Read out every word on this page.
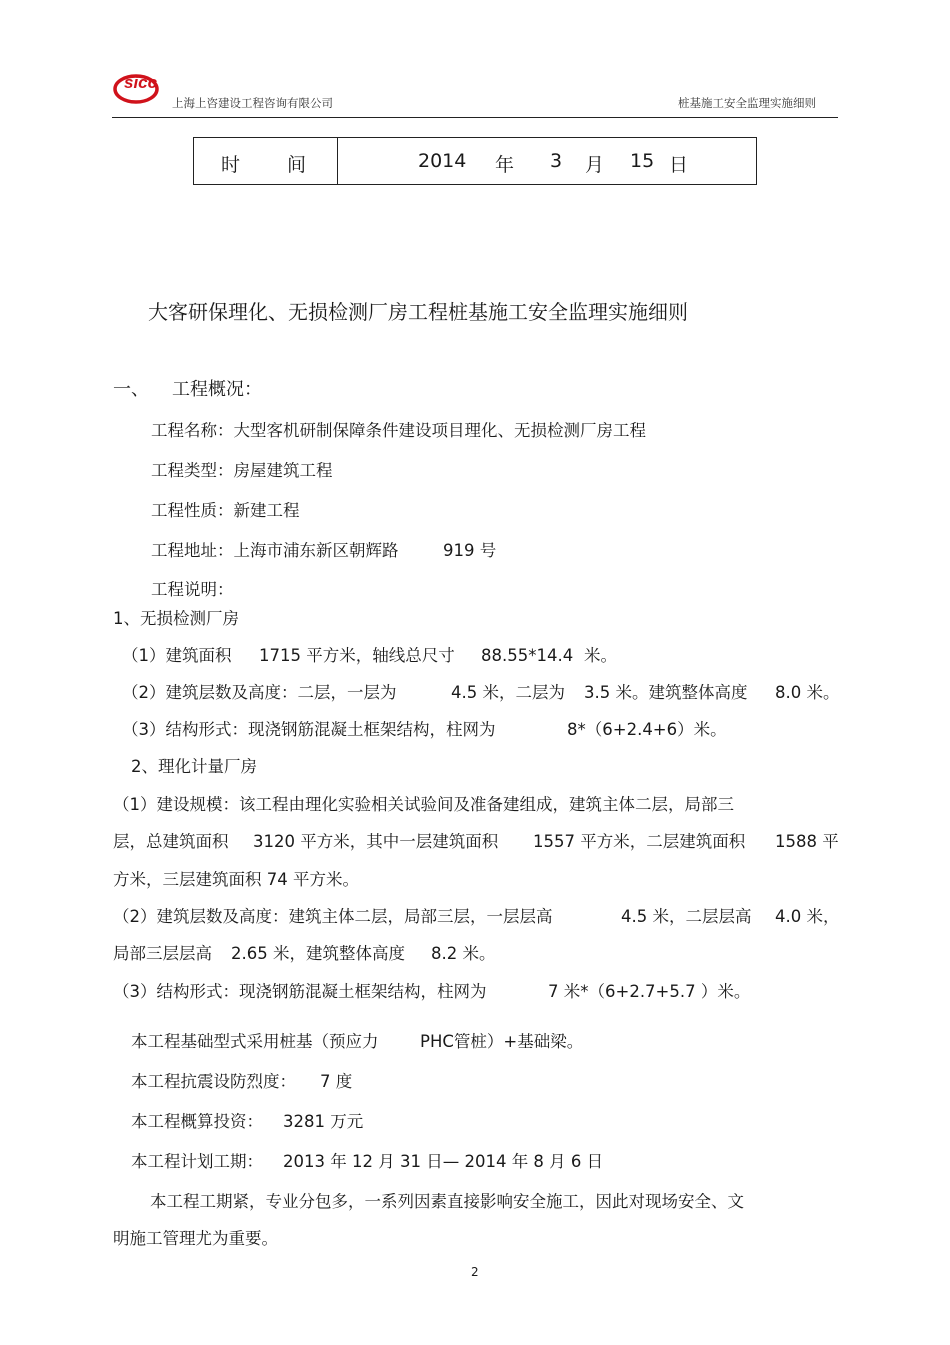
sicc
上海上咨建设工程咨询有限公司	桩基施工安全监理实施细则
时 间	2014 年 3 月 15 日
大客研保理化、无损检测厂房工程桩基施工安全监理实施细则
一、 工程概况：
工程名称：大型客机研制保障条件建设项目理化、无损检测厂房工程
工程类型：房屋建筑工程
工程性质：新建工程
工程地址：上海市浦东新区朝辉路	919 号
工程说明：
1、无损检测厂房
（1）建筑面积 1715 平方米，轴线总尺寸 88.55*14.4 米。
（2）建筑层数及高度：二层，一层为	4.5 米，二层为 3.5 米。建筑整体高度 8.0 米。
（3）结构形式：现浇钢筋混凝土框架结构，柱网为	8*（6+2.4+6）米。
2、理化计量厂房
（1）建设规模：该工程由理化实验相关试验间及准备建组成，建筑主体二层，局部三
层，总建筑面积 3120 平方米，其中一层建筑面积 1557 平方米，二层建筑面积 1588 平
方米，三层建筑面积 74 平方米。
（2）建筑层数及高度：建筑主体二层，局部三层，一层层高	4.5 米，二层层高 4.0 米，
局部三层层高 2.65 米，建筑整体高度 8.2 米。
（3）结构形式：现浇钢筋混凝土框架结构，柱网为	7 米*（6+2.7+5.7 ）米。
本工程基础型式采用桩基（预应力	PHC管桩）+基础梁。
本工程抗震设防烈度： 7 度
本工程概算投资： 3281 万元
本工程计划工期： 2013 年 12 月 31 日— 2014 年 8 月 6 日
本工程工期紧，专业分包多，一系列因素直接影响安全施工，因此对现场安全、文
明施工管理尤为重要。
2
